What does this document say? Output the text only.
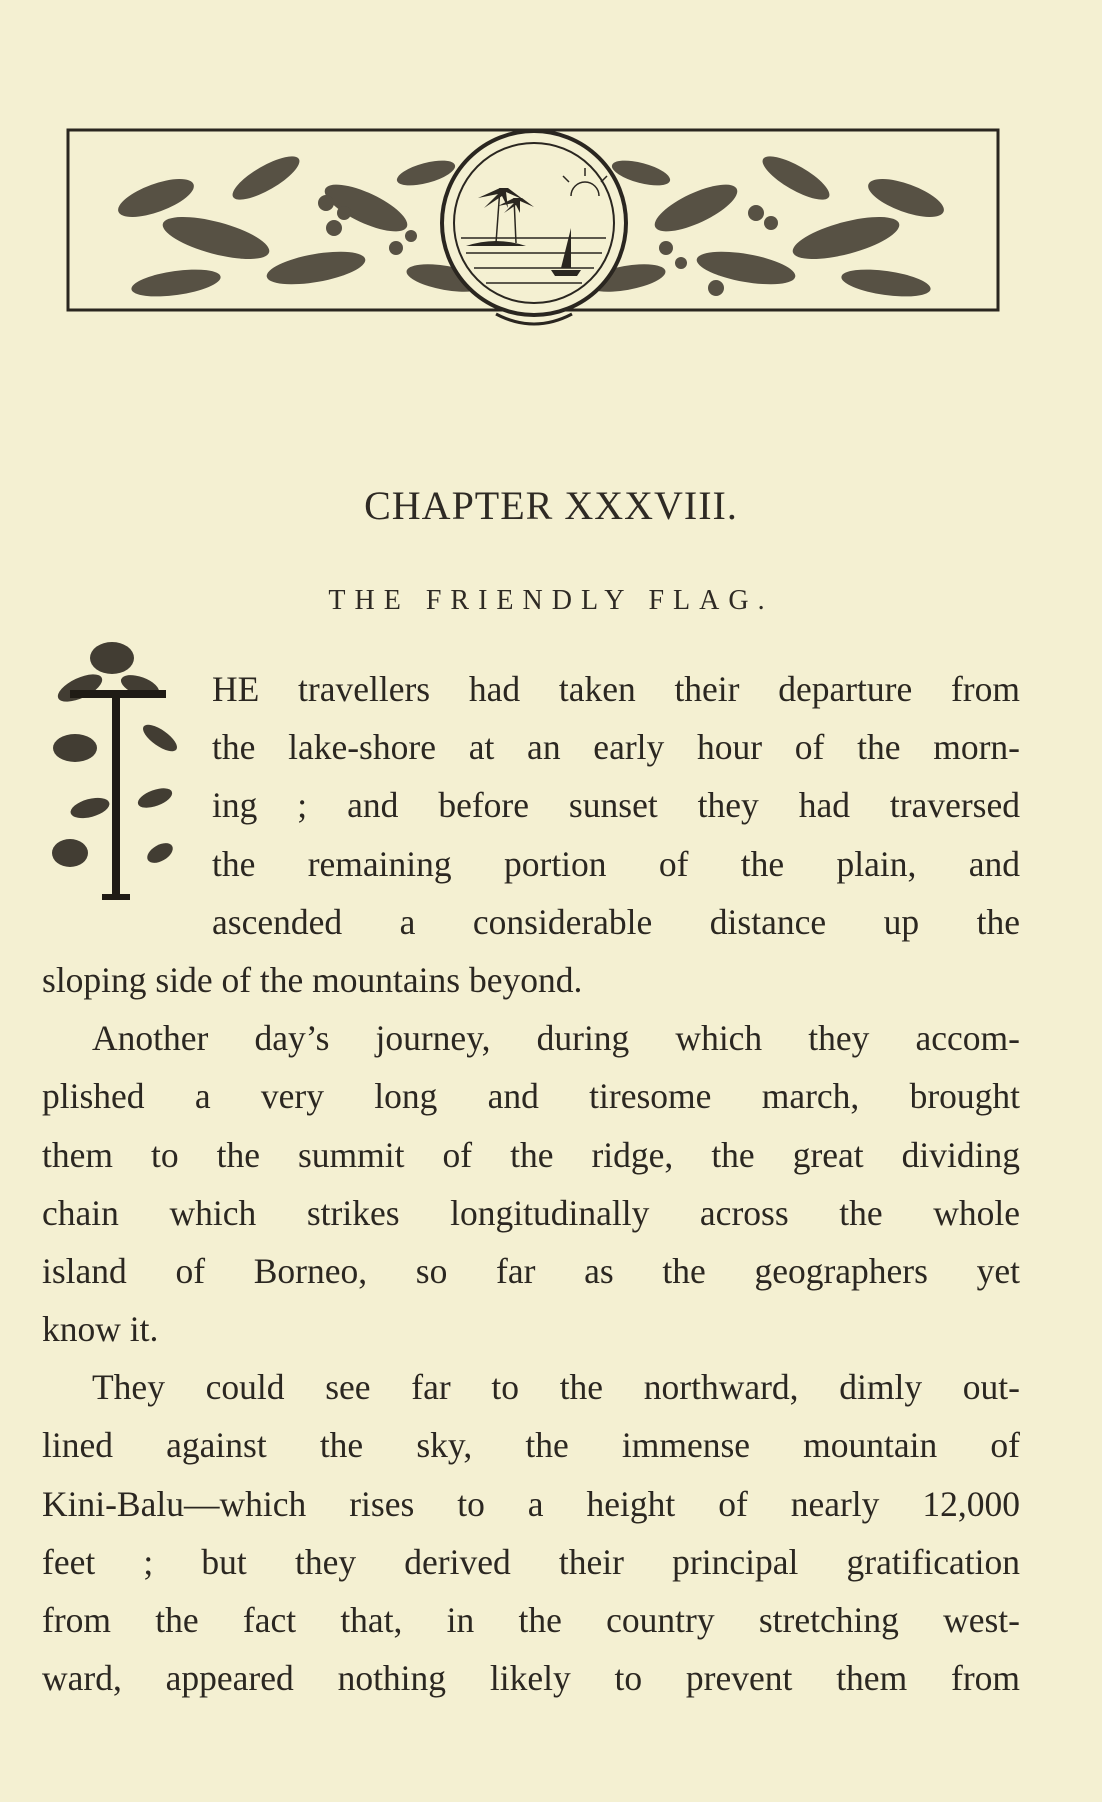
CHAPTER XXXVIII.
THE FRIENDLY FLAG.
T
HE travellers had taken their departure from
the lake-shore at an early hour of the morn-
ing ; and before sunset they had traversed
the remaining portion of the plain, and
ascended a considerable distance up the
sloping side of the mountains beyond.
Another day’s journey, during which they accom-
plished a very long and tiresome march, brought
them to the summit of the ridge, the great dividing
chain which strikes longitudinally across the whole
island of Borneo, so far as the geographers yet
know it.
They could see far to the northward, dimly out-
lined against the sky, the immense mountain of
Kini-Balu—which rises to a height of nearly 12,000
feet ; but they derived their principal gratification
from the fact that, in the country stretching west-
ward, appeared nothing likely to prevent them from
